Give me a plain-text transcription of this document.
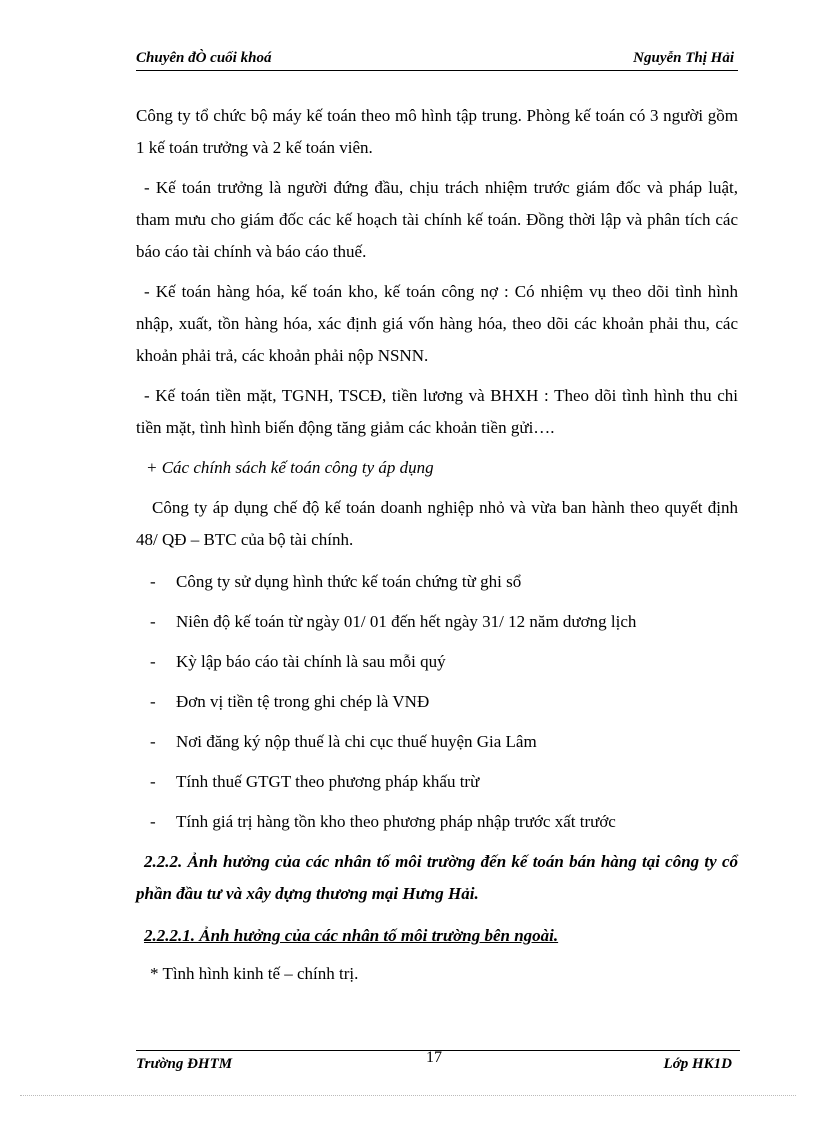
Chuyên đÒ cuối khoá	Nguyễn Thị Hải
Công ty tổ chức bộ máy kế toán theo mô hình tập trung. Phòng kế toán có 3 người gồm 1 kế toán trưởng và 2 kế toán viên.
- Kế toán trưởng là người đứng đầu, chịu trách nhiệm trước giám đốc và pháp luật, tham mưu cho giám đốc các kế hoạch tài chính kế toán. Đồng thời lập và phân tích các báo cáo tài chính và báo cáo thuế.
- Kế toán hàng hóa, kế toán kho, kế toán công nợ : Có nhiệm vụ theo dõi tình hình nhập, xuất, tồn hàng hóa, xác định giá vốn hàng hóa, theo dõi các khoản phải thu, các khoản phải trả, các khoản phải nộp NSNN.
- Kế toán tiền mặt, TGNH, TSCĐ, tiền lương và BHXH : Theo dõi tình hình thu chi tiền mặt, tình hình biến động tăng giảm các khoản tiền gửi….
+ Các chính sách kế toán công ty áp dụng
Công ty áp dụng chế độ kế toán doanh nghiệp nhỏ và vừa ban hành theo quyết định 48/ QĐ – BTC của bộ tài chính.
- Công ty sử dụng hình thức kế toán chứng từ ghi sổ
- Niên độ kế toán từ ngày 01/ 01 đến hết ngày 31/ 12 năm dương lịch
- Kỳ lập báo cáo tài chính là sau mỗi quý
- Đơn vị tiền tệ trong ghi chép là VNĐ
- Nơi đăng ký nộp thuế là chi cục thuế huyện Gia Lâm
- Tính thuế GTGT theo phương pháp khấu trừ
- Tính giá trị hàng tồn kho theo phương pháp nhập trước xất trước
2.2.2. Ảnh hưởng của các nhân tố môi trường đến kế toán bán hàng tại công ty cổ phần đầu tư và xây dựng thương mại Hưng Hải.
2.2.2.1. Ảnh hưởng của các nhân tố môi trường bên ngoài.
* Tình hình kinh tế – chính trị.
Trường ĐHTM	17	Lớp HK1D
